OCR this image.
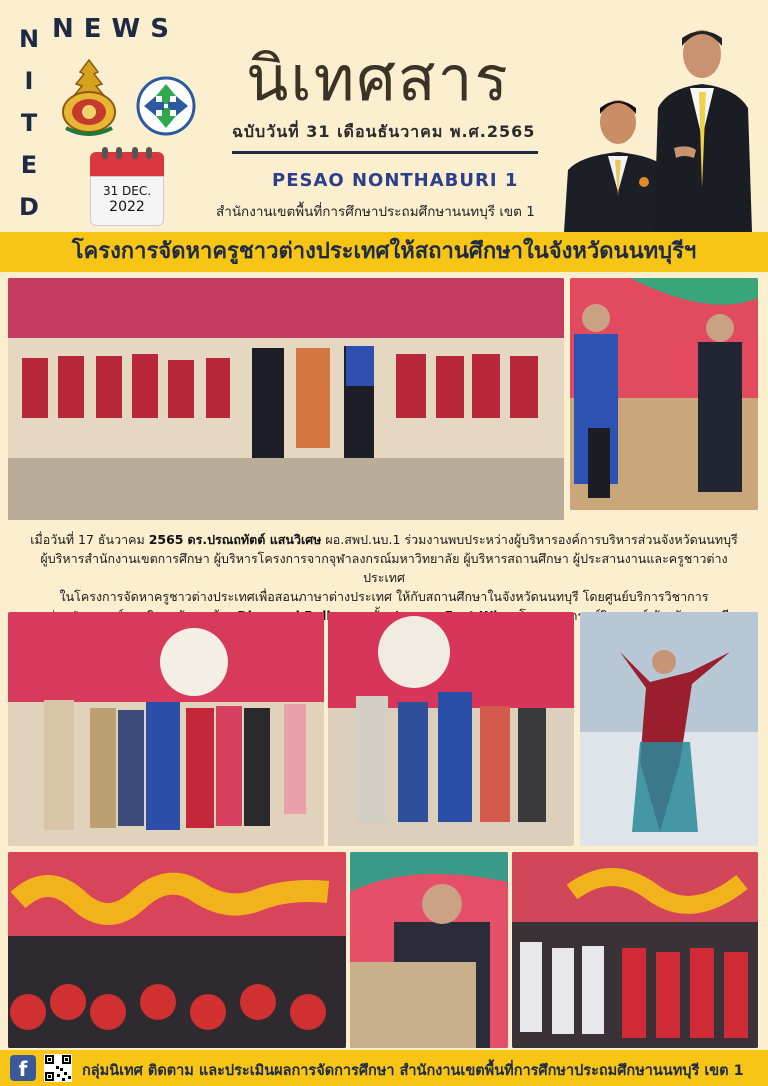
N
I
T
E
D
NEWS
31 DEC.
2022
นิเทศสาร
ฉบับวันที่ 31 เดือนธันวาคม พ.ศ.2565
PESAO NONTHABURI 1
สำนักงานเขตพื้นที่การศึกษาประถมศึกษานนทบุรี เขต 1
โครงการจัดหาครูชาวต่างประเทศให้สถานศึกษาในจังหวัดนนทบุรีฯ
เมื่อวันที่ 17 ธันวาคม 2565 ดร.ปรณถทัตต์ แสนวิเศษ ผอ.สพป.นบ.1 ร่วมงานพบประหว่างผู้บริหารองค์การบริหารส่วนจังหวัดนนทบุรี
ผู้บริหารสำนักงานเขตการศึกษา ผู้บริหารโครงการจากจุฬาลงกรณ์มหาวิทยาลัย ผู้บริหารสถานศึกษา ผู้ประสานงานและครูชาวต่างประเทศ
ในโครงการจัดหาครูชาวต่างประเทศเพื่อสอนภาษาต่างประเทศ ให้กับสถานศึกษาในจังหวัดนนทบุรี โดยศูนย์บริการวิชาการ
กลุ่มนิเทศ ติดตาม และประเมินผลการจัดการศึกษา สำนักงานเขตพื้นที่การศึกษาประถมศึกษานนทบุรี เขต 1
f
